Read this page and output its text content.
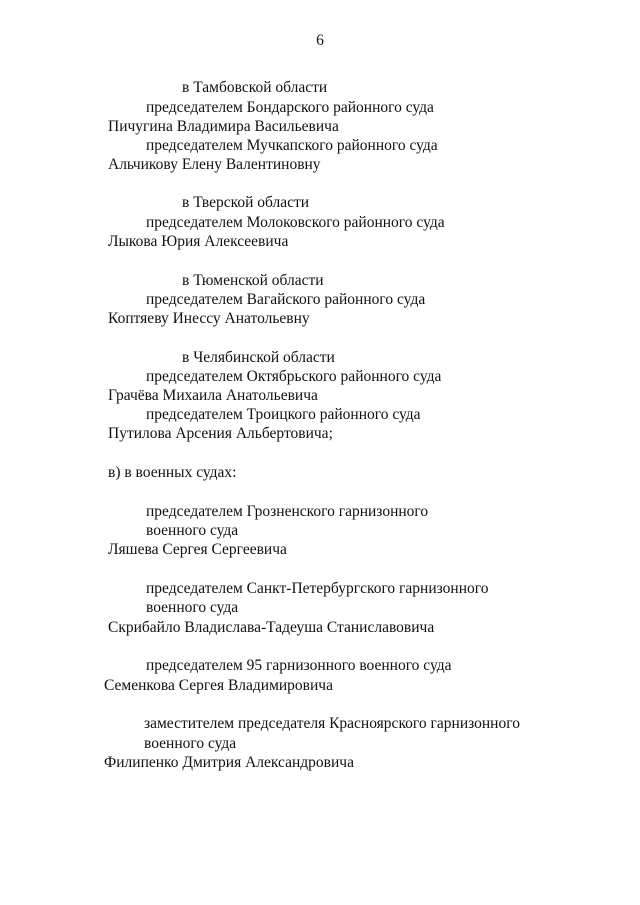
6
в Тамбовской области
председателем Бондарского районного суда
Пичугина Владимира Васильевича
председателем Мучкапского районного суда
Альчикову Елену Валентиновну
в Тверской области
председателем Молоковского районного суда
Лыкова Юрия Алексеевича
в Тюменской области
председателем Вагайского районного суда
Коптяеву Инессу Анатольевну
в Челябинской области
председателем Октябрьского районного суда
Грачёва Михаила Анатольевича
председателем Троицкого районного суда
Путилова Арсения Альбертовича;
в) в военных судах:
председателем Грозненского гарнизонного
военного суда
Ляшева Сергея Сергеевича
председателем Санкт-Петербургского гарнизонного
военного суда
Скрибайло Владислава-Тадеуша Станиславовича
председателем 95 гарнизонного военного суда
Семенкова Сергея Владимировича
заместителем председателя Красноярского гарнизонного
военного суда
Филипенко Дмитрия Александровича
